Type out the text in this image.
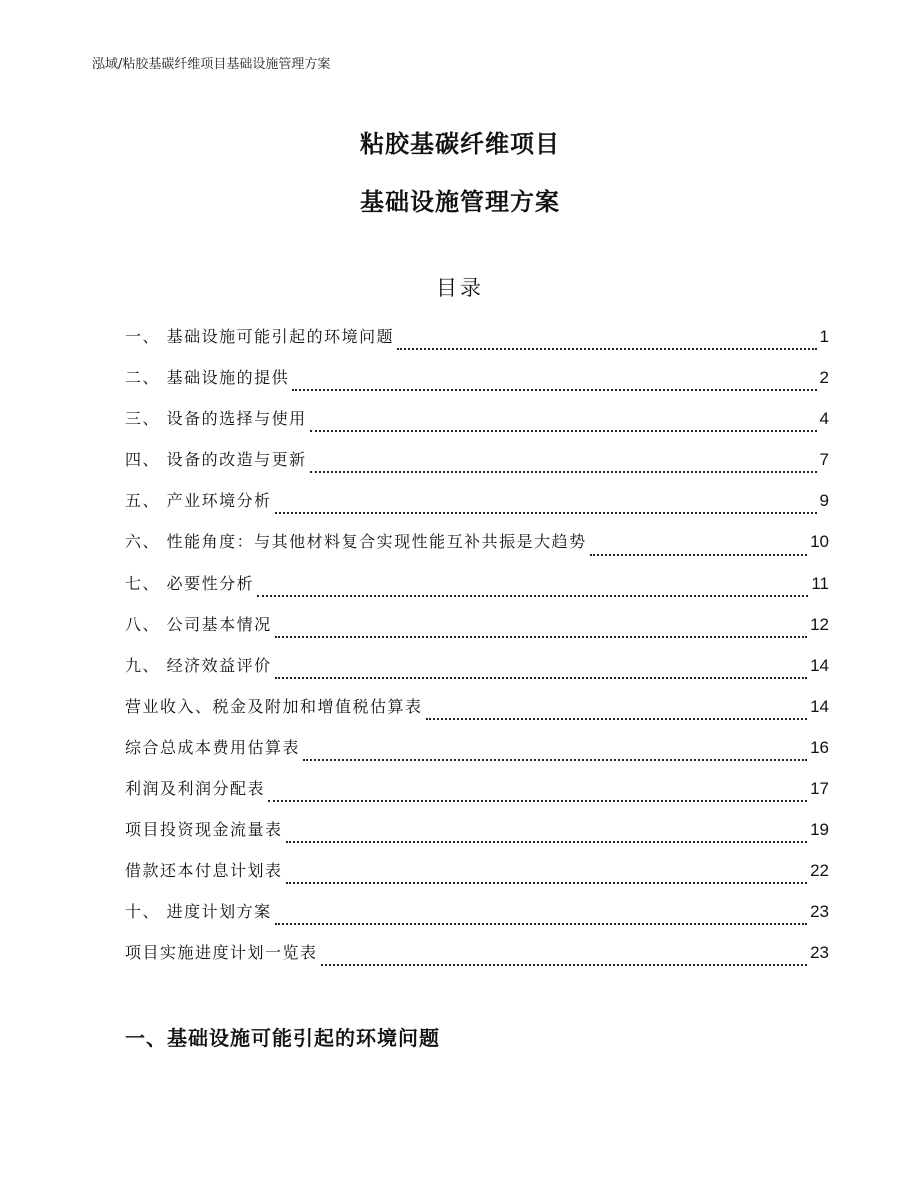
泓域/粘胶基碳纤维项目基础设施管理方案
粘胶基碳纤维项目
基础设施管理方案
目录
一、 基础设施可能引起的环境问题	1
二、 基础设施的提供	2
三、 设备的选择与使用	4
四、 设备的改造与更新	7
五、 产业环境分析	9
六、 性能角度：与其他材料复合实现性能互补共振是大趋势	10
七、 必要性分析	11
八、 公司基本情况	12
九、 经济效益评价	14
营业收入、税金及附加和增值税估算表	14
综合总成本费用估算表	16
利润及利润分配表	17
项目投资现金流量表	19
借款还本付息计划表	22
十、 进度计划方案	23
项目实施进度计划一览表	23
一、基础设施可能引起的环境问题
